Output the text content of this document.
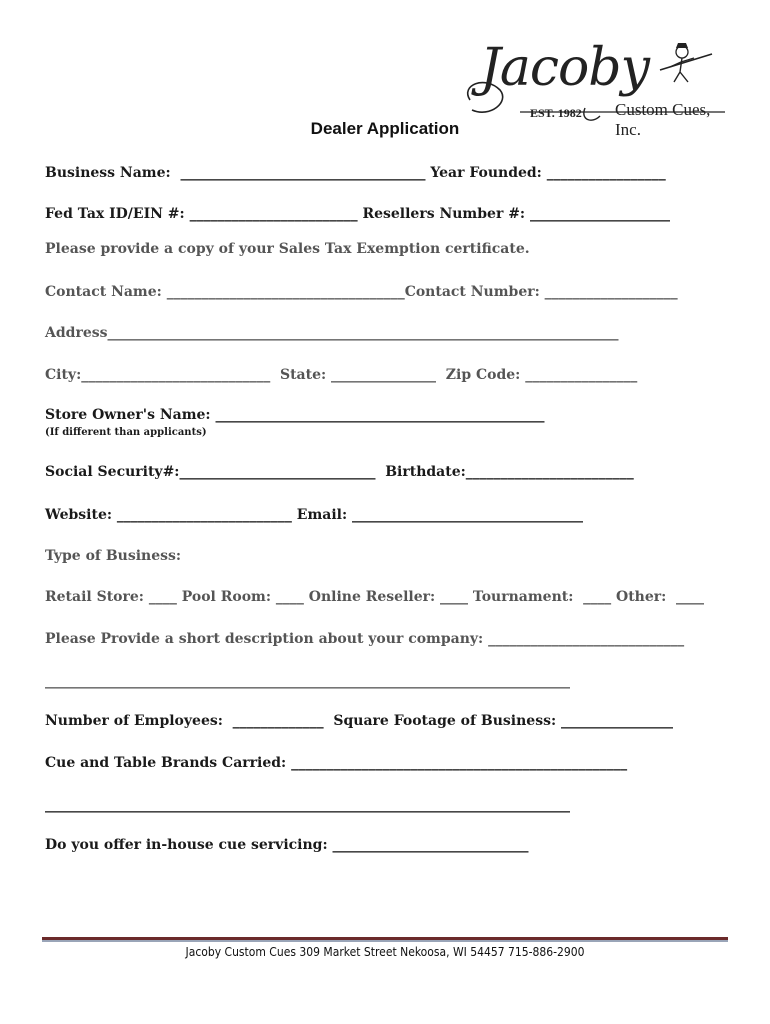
Jacoby
EST. 1982 Custom Cues, Inc.
Dealer Application
Business Name:  ___________________________________ Year Founded: _________________
Fed Tax ID/EIN #: ________________________ Resellers Number #: ____________________
Please provide a copy of your Sales Tax Exemption certificate.
Contact Name: __________________________________Contact Number: ___________________
Address_________________________________________________________________________
City:___________________________  State: _______________  Zip Code: ________________
Store Owner's Name: _______________________________________________
(If different than applicants)
Social Security#:____________________________  Birthdate:________________________
Website: _________________________ Email: _________________________________
Type of Business:
Retail Store: ____ Pool Room: ____ Online Reseller: ____ Tournament:  ____ Other:  ____
Please Provide a short description about your company: ____________________________
___________________________________________________________________________
Number of Employees:  _____________  Square Footage of Business: ________________
Cue and Table Brands Carried: ________________________________________________
___________________________________________________________________________
Do you offer in-house cue servicing: ____________________________
Jacoby Custom Cues 309 Market Street Nekoosa, WI 54457 715-886-2900
